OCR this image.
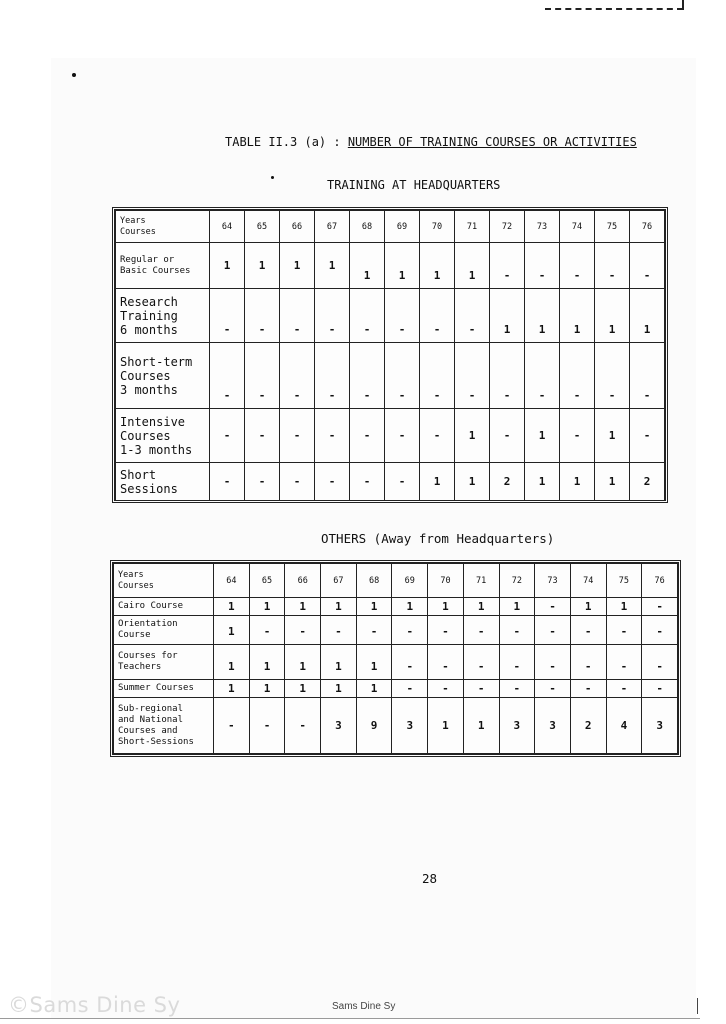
TABLE II.3 (a) : NUMBER OF TRAINING COURSES OR ACTIVITIES
TRAINING AT HEADQUARTERS
Years
Courses	64	65	66	67	68	69	70	71	72	73	74	75	76
Regular or
Basic Courses	1	1	1	1	1	1	1	1	-	-	-	-	-
Research
Training
6 months	-	-	-	-	-	-	-	-	1	1	1	1	1
Short-term
Courses
3 months	-	-	-	-	-	-	-	-	-	-	-	-	-
Intensive
Courses
1-3 months	-	-	-	-	-	-	-	1	-	1	-	1	-
Short
Sessions	-	-	-	-	-	-	1	1	2	1	1	1	2
OTHERS (Away from Headquarters)
Years
Courses	64	65	66	67	68	69	70	71	72	73	74	75	76
Cairo Course	1	1	1	1	1	1	1	1	1	-	1	1	-
Orientation
Course	1	-	-	-	-	-	-	-	-	-	-	-	-
Courses for
Teachers	1	1	1	1	1	-	-	-	-	-	-	-	-
Summer Courses	1	1	1	1	1	-	-	-	-	-	-	-	-
Sub-regional
and National
Courses and
Short-Sessions	-	-	-	3	9	3	1	1	3	3	2	4	3
28
©Sams Dine Sy	Sams Dine Sy
